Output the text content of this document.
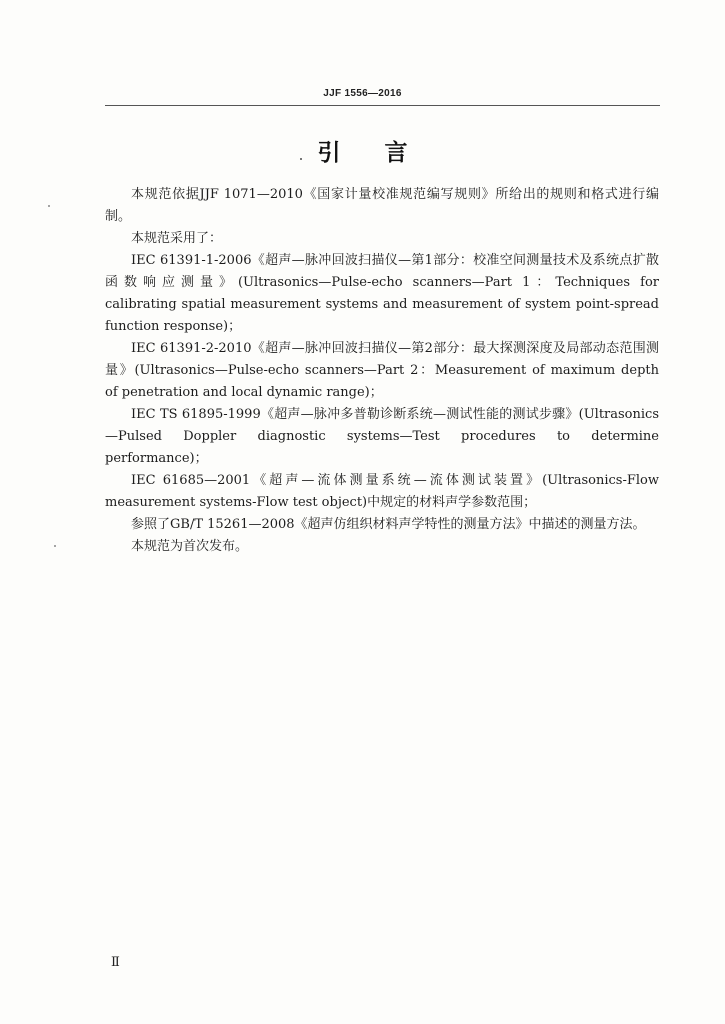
JJF 1556—2016
引言

本规范依据JJF 1071—2010《国家计量校准规范编写规则》所给出的规则和格式进行编制。

本规范采用了：

IEC 61391-1-2006《超声—脉冲回波扫描仪—第1部分：校准空间测量技术及系统点扩散函数响应测量》(Ultrasonics—Pulse-echo scanners—Part 1：Techniques for calibrating spatial measurement systems and measurement of system point-spread function response)；

IEC 61391-2-2010《超声—脉冲回波扫描仪—第2部分：最大探测深度及局部动态范围测量》(Ultrasonics—Pulse-echo scanners—Part 2：Measurement of maximum depth of penetration and local dynamic range)；

IEC TS 61895-1999《超声—脉冲多普勒诊断系统—测试性能的测试步骤》(Ultrasonics—Pulsed Doppler diagnostic systems—Test procedures to determine performance)；

IEC 61685—2001《超声—流体测量系统—流体测试装置》(Ultrasonics-Flow measurement systems-Flow test object)中规定的材料声学参数范围；

参照了GB/T 15261—2008《超声仿组织材料声学特性的测量方法》中描述的测量方法。

本规范为首次发布。

Ⅱ
